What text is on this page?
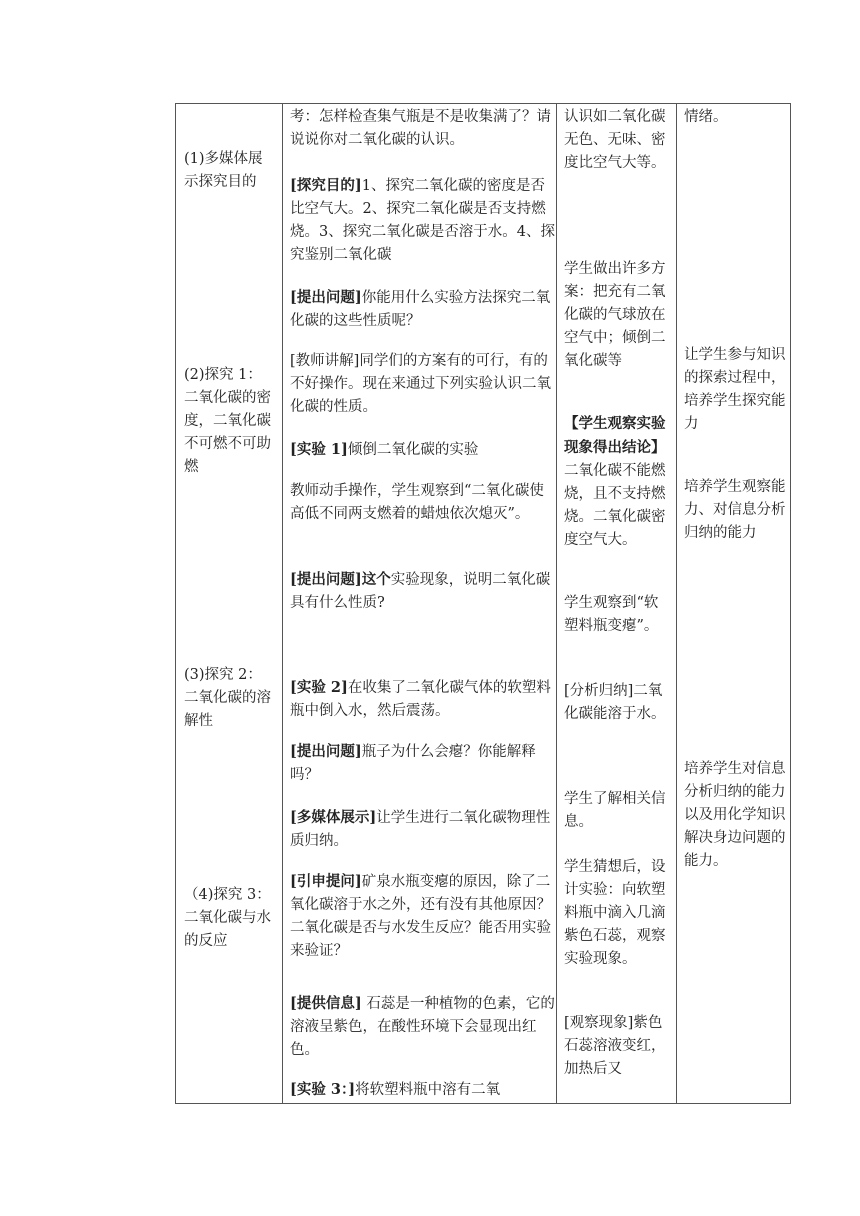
(1)多媒体展示探究目的
(2)探究 1：二氧化碳的密度，二氧化碳不可燃不可助燃
(3)探究 2：二氧化碳的溶解性
（4)探究 3：二氧化碳与水的反应
考：怎样检查集气瓶是不是收集满了？请说说你对二氧化碳的认识。
[探究目的]1、探究二氧化碳的密度是否比空气大。2、探究二氧化碳是否支持燃烧。3、探究二氧化碳是否溶于水。4、探究鉴别二氧化碳
[提出问题]你能用什么实验方法探究二氧化碳的这些性质呢？
[教师讲解]同学们的方案有的可行，有的不好操作。现在来通过下列实验认识二氧化碳的性质。
[实验 1]倾倒二氧化碳的实验
教师动手操作，学生观察到“二氧化碳使高低不同两支燃着的蜡烛依次熄灭”。
[提出问题]这个实验现象，说明二氧化碳具有什么性质?
[实验 2]在收集了二氧化碳气体的软塑料瓶中倒入水，然后震荡。
[提出问题]瓶子为什么会瘪？你能解释吗？
[多媒体展示]让学生进行二氧化碳物理性质归纳。
[引申提问]矿泉水瓶变瘪的原因，除了二氧化碳溶于水之外，还有没有其他原因？二氧化碳是否与水发生反应？能否用实验来验证？
[提供信息] 石蕊是一种植物的色素，它的溶液呈紫色，在酸性环境下会显现出红色。
[实验 3：]将软塑料瓶中溶有二氧
认识如二氧化碳无色、无味、密度比空气大等。
学生做出许多方案：把充有二氧化碳的气球放在空气中；倾倒二氧化碳等
【学生观察实验现象得出结论】二氧化碳不能燃烧，且不支持燃烧。二氧化碳密度空气大。
学生观察到“软塑料瓶变瘪”。
[分析归纳]二氧化碳能溶于水。
学生了解相关信息。
学生猜想后，设计实验：向软塑料瓶中滴入几滴紫色石蕊，观察实验现象。
[观察现象]紫色石蕊溶液变红，加热后又
情绪。
让学生参与知识的探索过程中，培养学生探究能力
培养学生观察能力、对信息分析归纳的能力
培养学生对信息分析归纳的能力以及用化学知识解决身边问题的能力。
